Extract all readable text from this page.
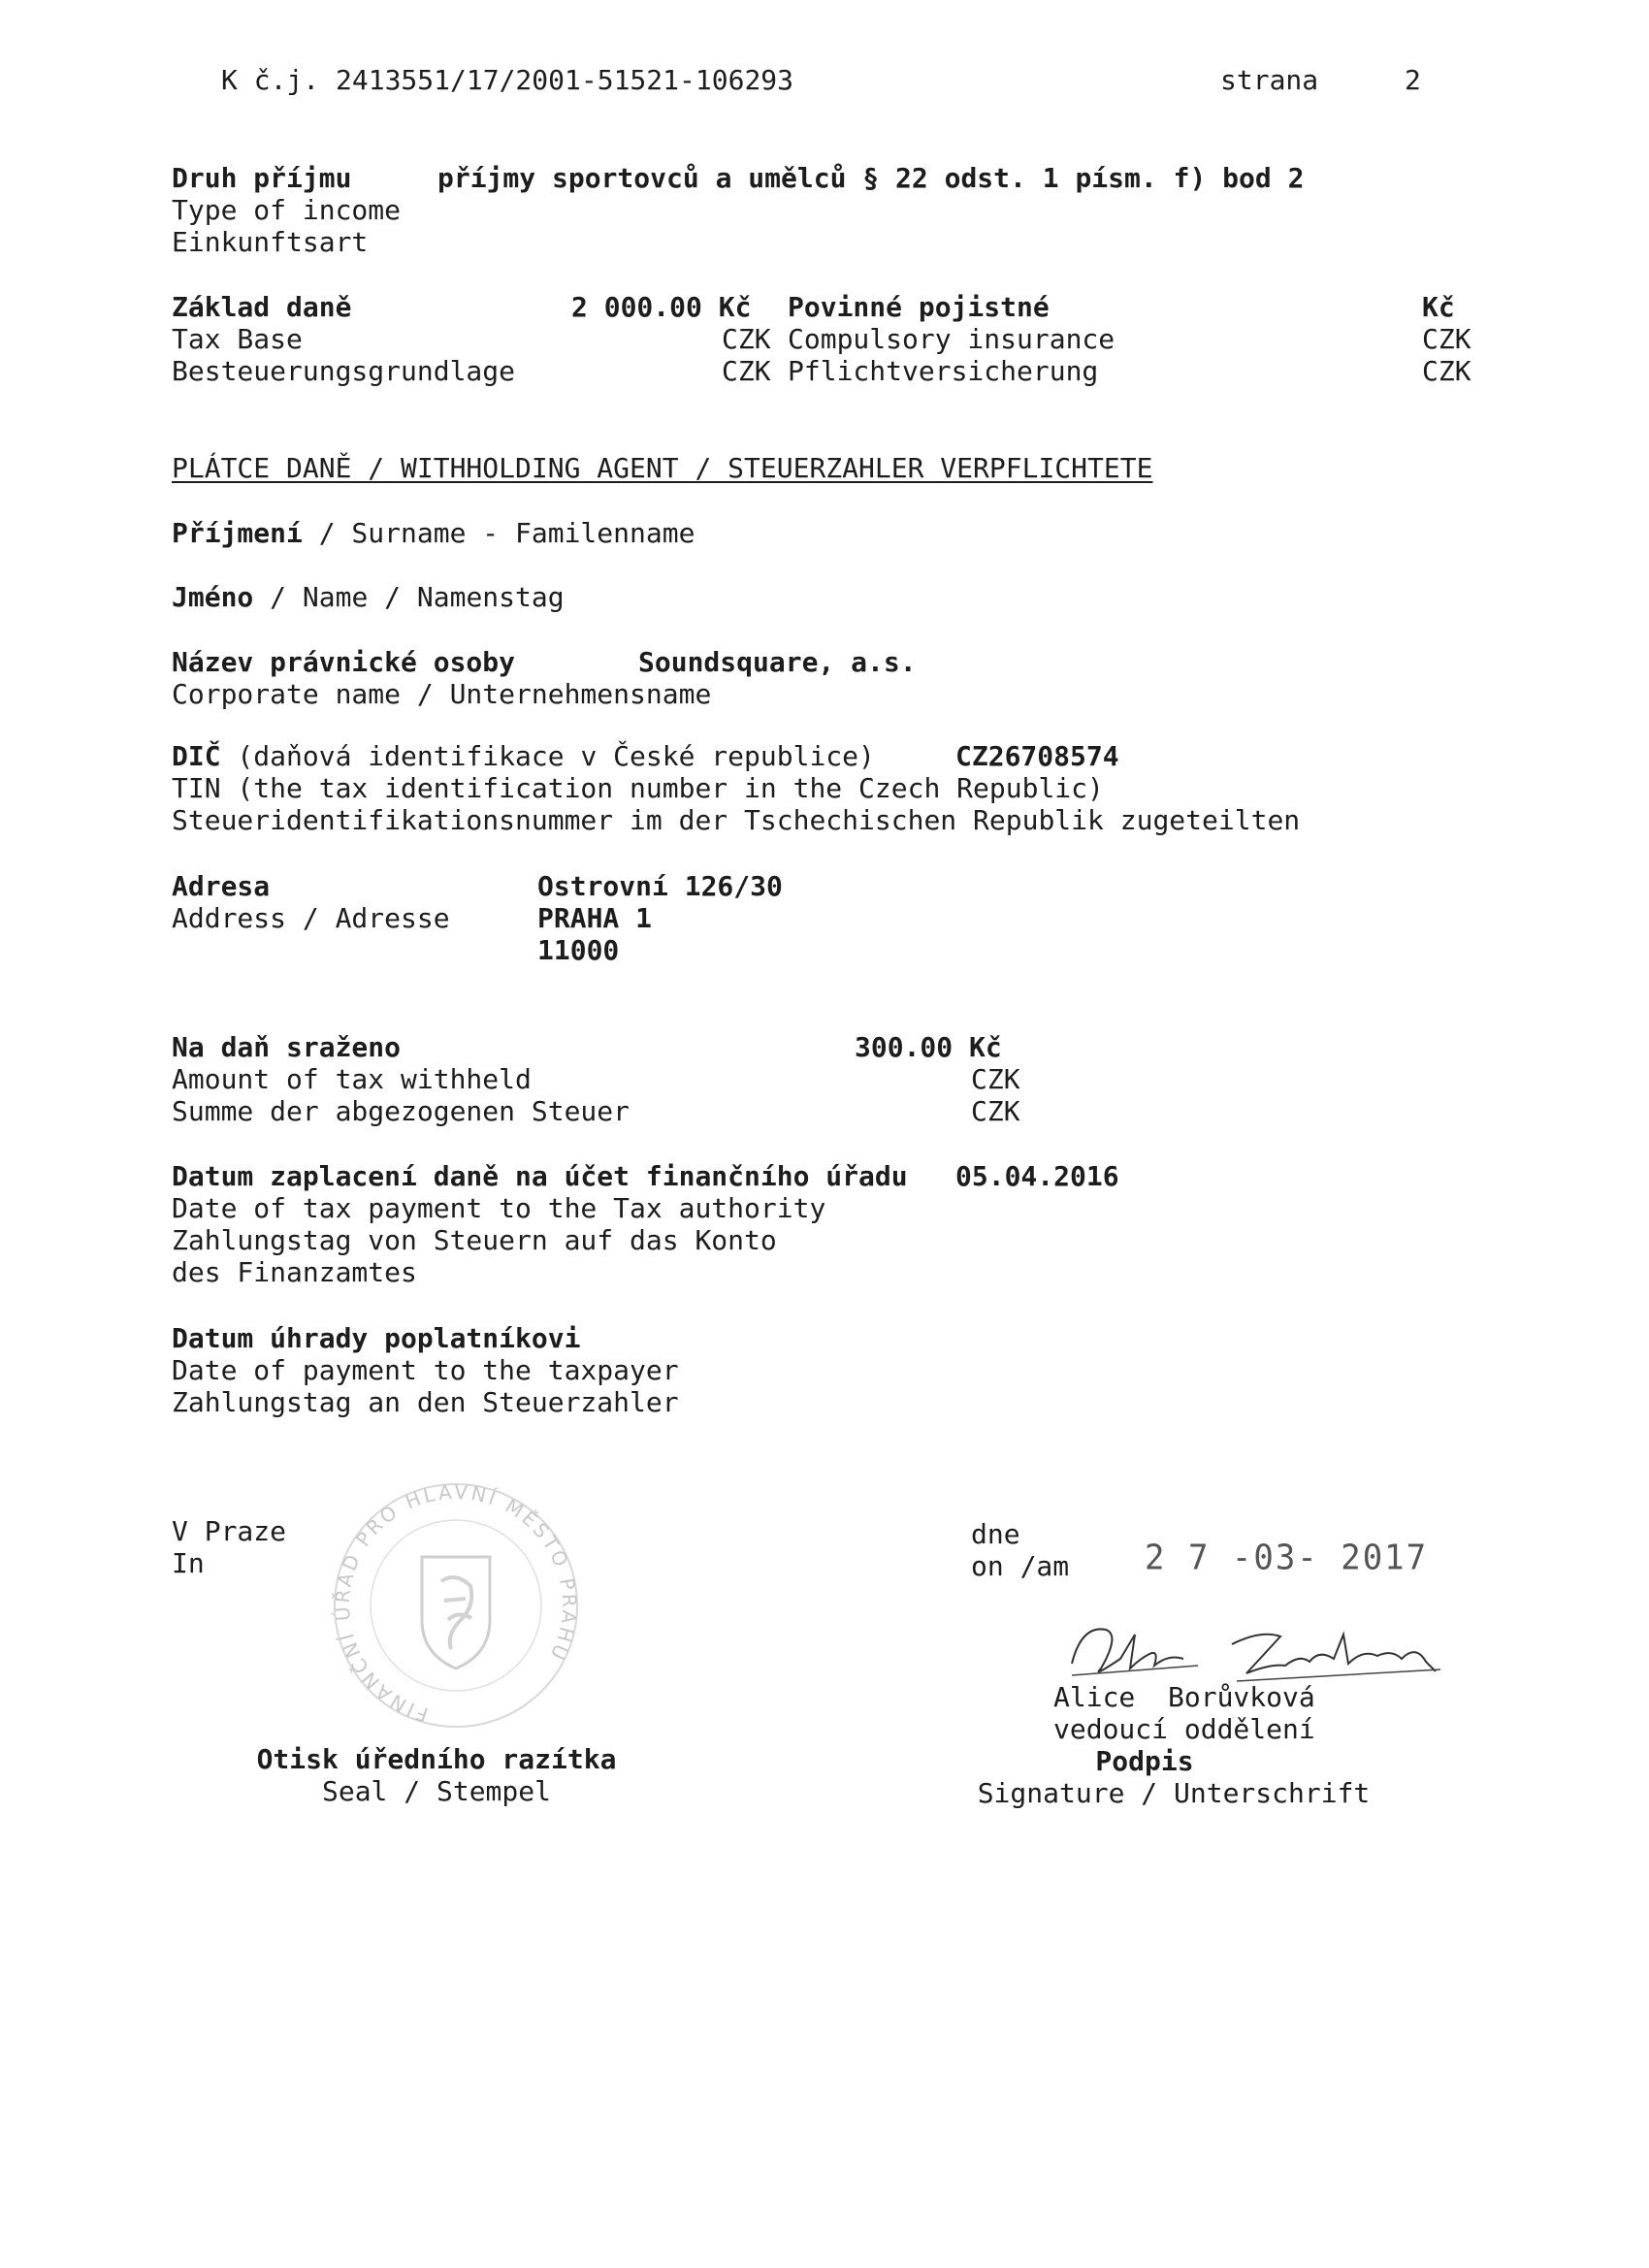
K č.j. 2413551/17/2001-51521-106293	strana	2
Druh příjmu	příjmy sportovců a umělců § 22 odst. 1 písm. f) bod 2
Type of income
Einkunftsart
Základ daně	2 000.00 Kč Povinné pojistné	Kč
Tax Base	CZK Compulsory insurance	CZK
Besteuerungsgrundlage	CZK Pflichtversicherung	CZK
PLÁTCE DANĚ / WITHHOLDING AGENT / STEUERZAHLER VERPFLICHTETE
Příjmení / Surname - Familenname
Jméno / Name / Namenstag
Název právnické osoby	Soundsquare, a.s.
Corporate name / Unternehmensname
DIČ (daňová identifikace v České republice)	CZ26708574
TIN (the tax identification number in the Czech Republic)
Steueridentifikationsnummer im der Tschechischen Republik zugeteilten
Adresa
Address / Adresse
Ostrovní 126/30
PRAHA 1
11000
Na daň sraženo	300.00 Kč
Amount of tax withheld	CZK
Summe der abgezogenen Steuer	CZK
Datum zaplacení daně na účet finančního úřadu 05.04.2016
Date of tax payment to the Tax authority
Zahlungstag von Steuern auf das Konto
des Finanzamtes
Datum úhrady poplatníkovi
Date of payment to the taxpayer
Zahlungstag an den Steuerzahler
V Praze
In
FINANČNÍ ÚŘAD PRO HLAVNÍ MĚSTO PRAHU
Otisk úředního razítka
Seal / Stempel
dne
on /am 2 7 -03- 2017
Alice  Borůvková
vedoucí oddělení
Podpis
Signature / Unterschrift
